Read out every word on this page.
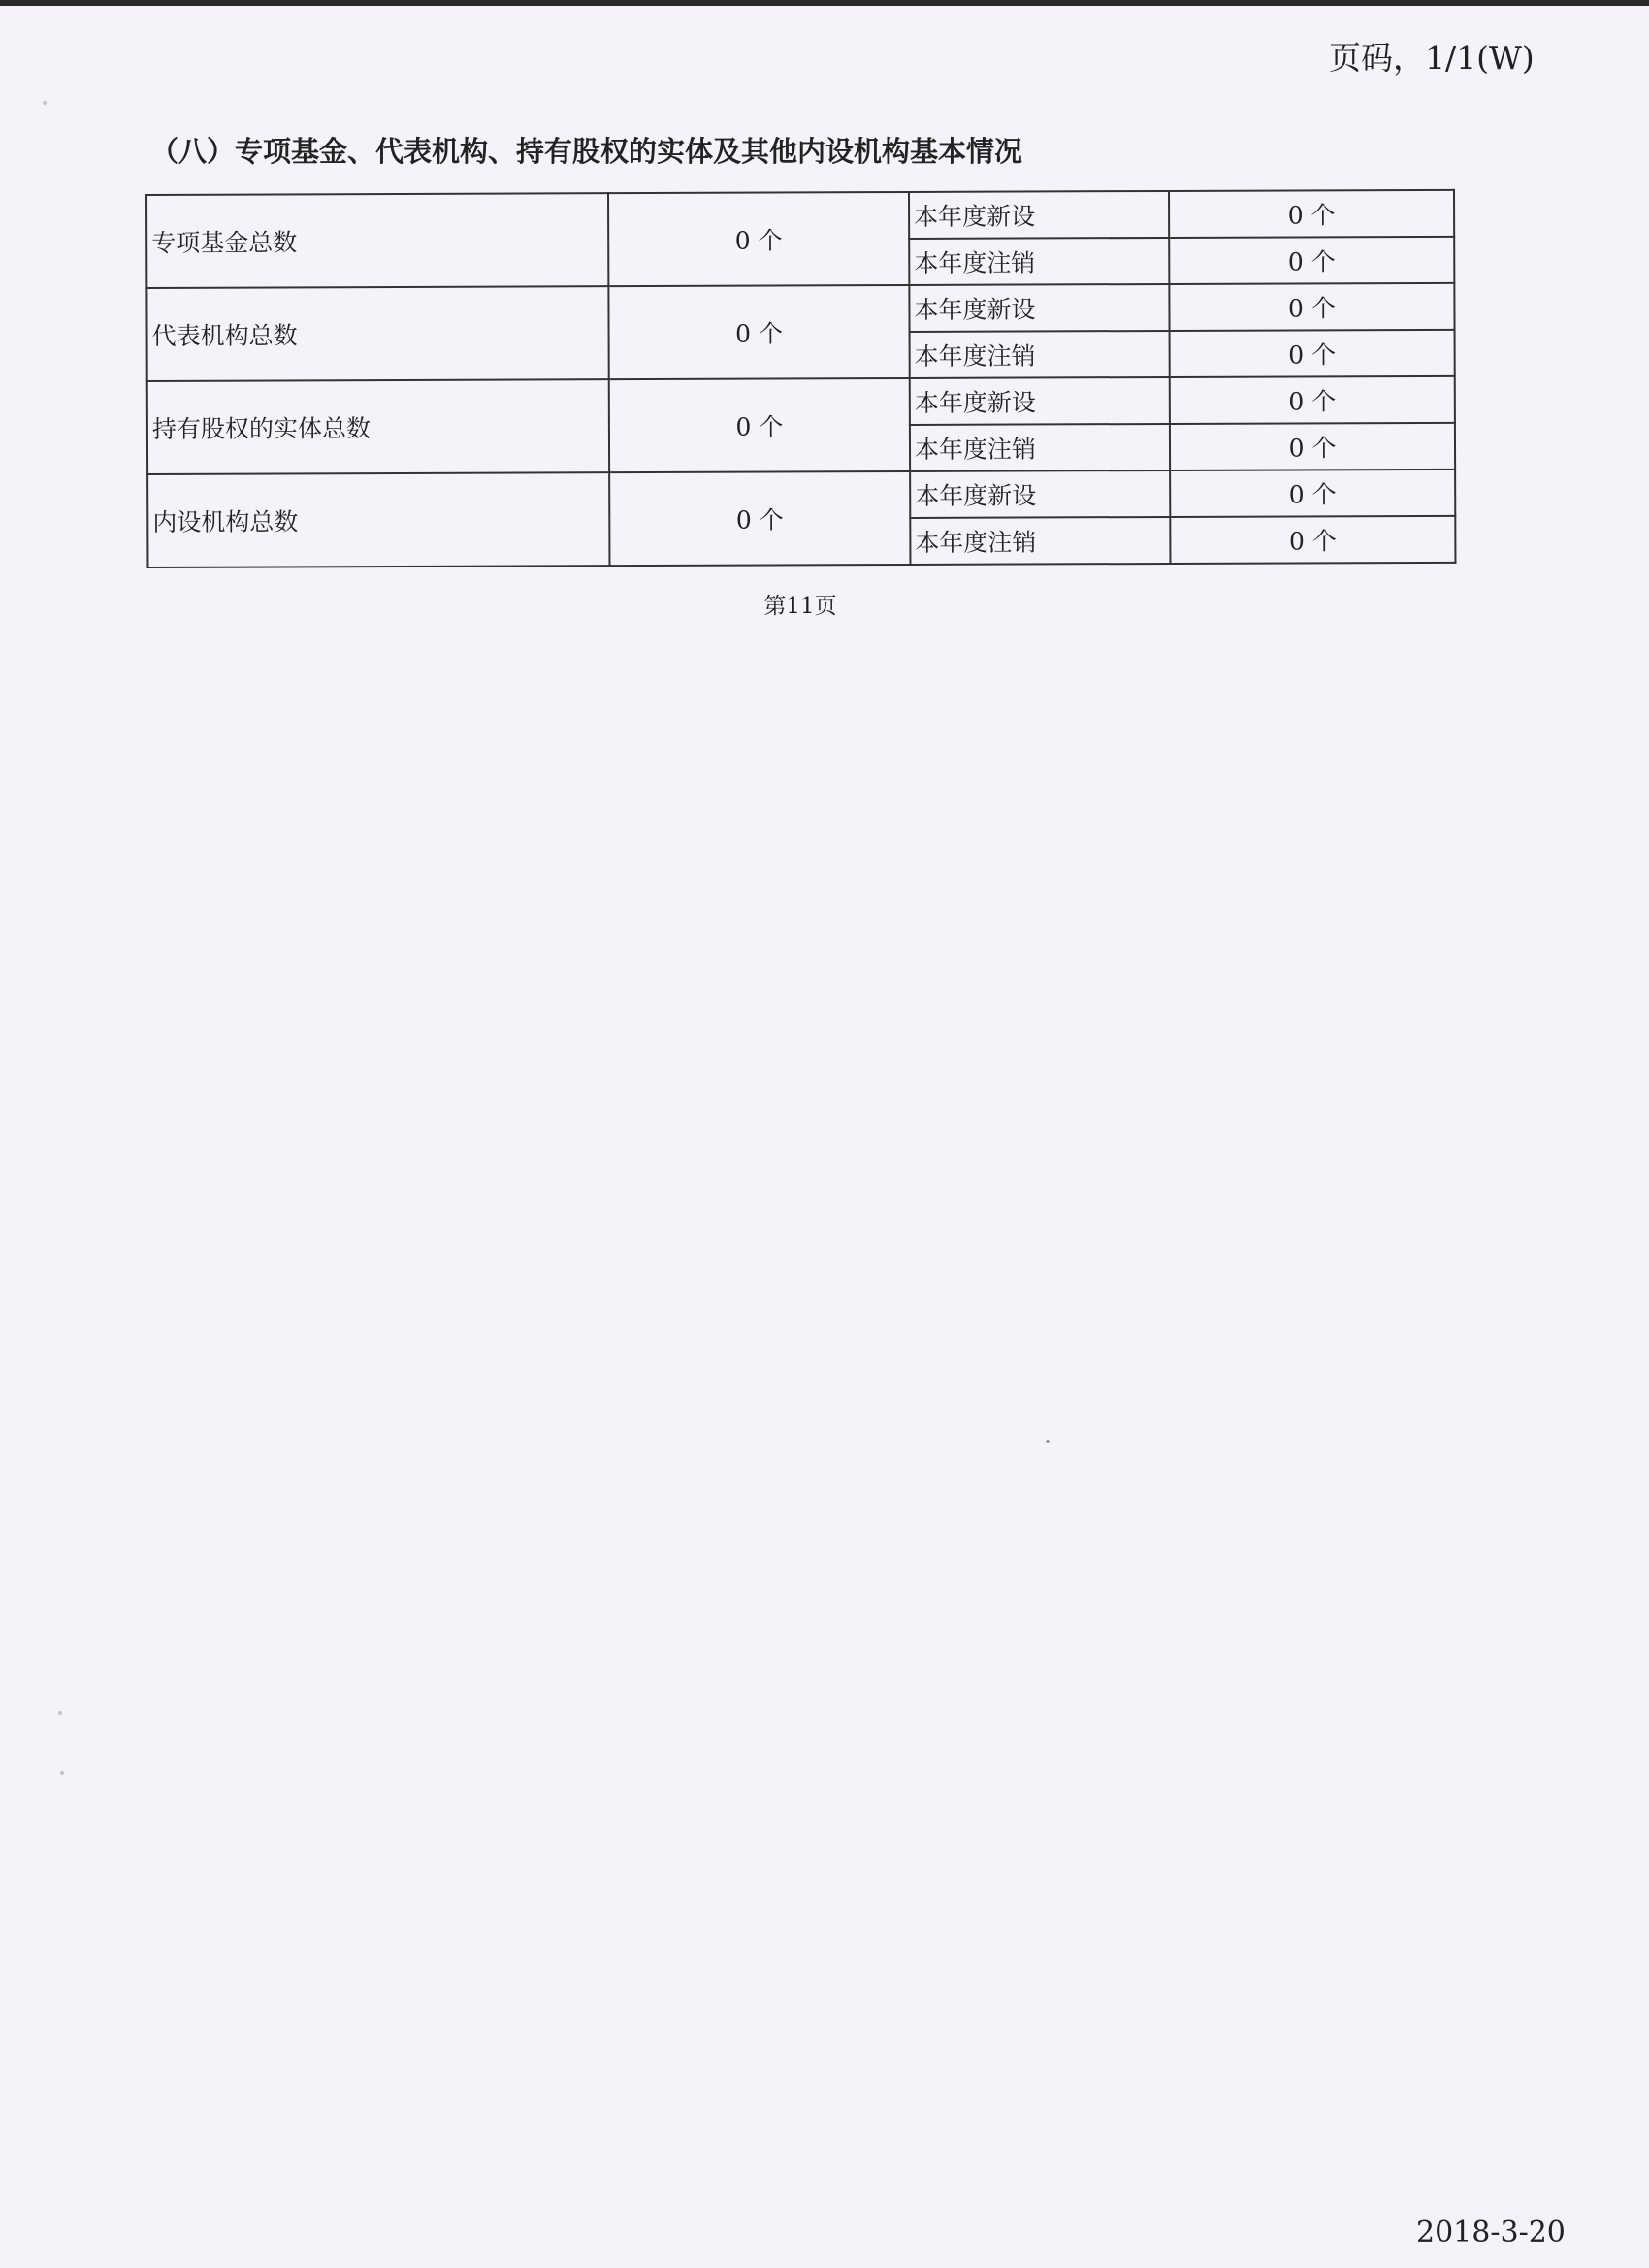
页码，1/1(W)
（八）专项基金、代表机构、持有股权的实体及其他内设机构基本情况
专项基金总数	0 个	本年度新设	0 个
		本年度注销	0 个
代表机构总数	0 个	本年度新设	0 个
		本年度注销	0 个
持有股权的实体总数	0 个	本年度新设	0 个
		本年度注销	0 个
内设机构总数	0 个	本年度新设	0 个
		本年度注销	0 个
第11页
2018-3-20
